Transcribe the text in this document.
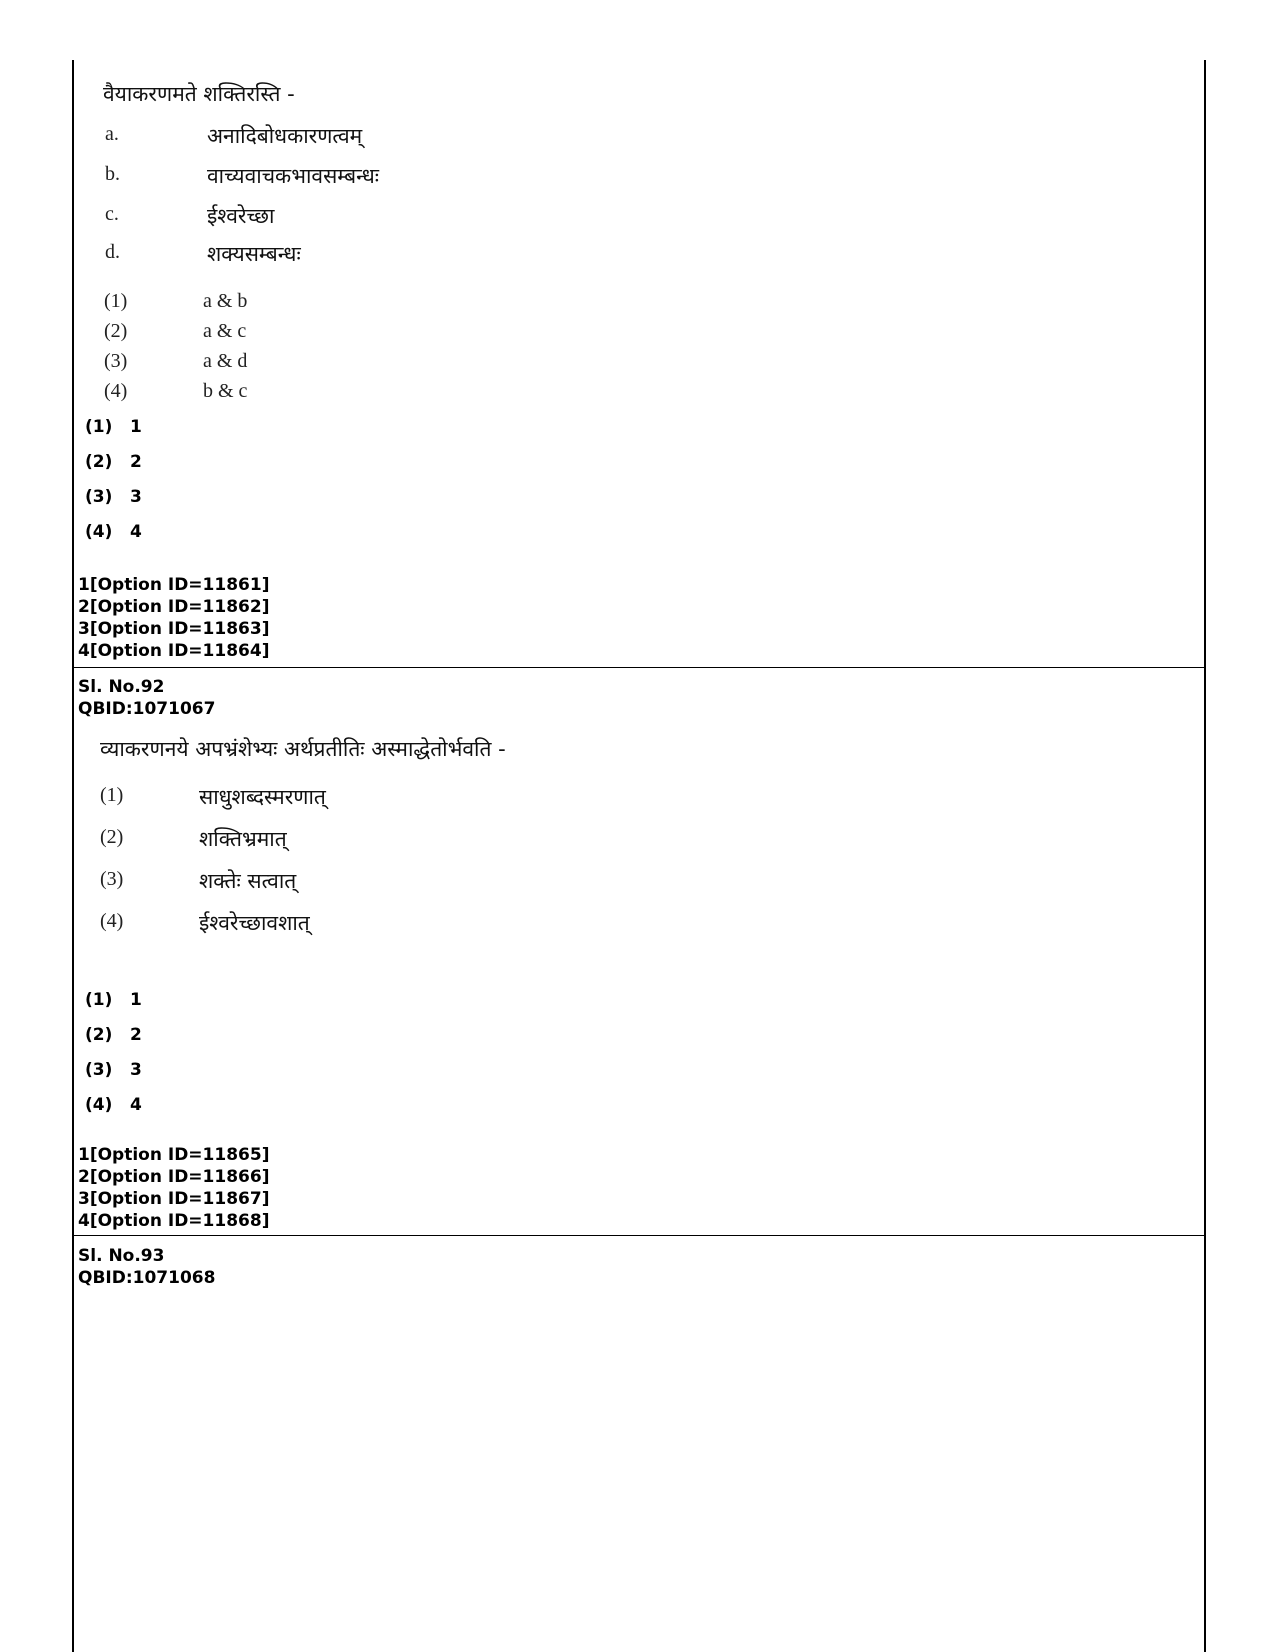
वैयाकरणमते शक्तिरस्ति -
a.	अनादिबोधकारणत्वम्
b.	वाच्यवाचकभावसम्बन्धः
c.	ईश्वरेच्छा
d.	शक्यसम्बन्धः
(1)	a & b
(2)	a & c
(3)	a & d
(4)	b & c
(1) 1
(2) 2
(3) 3
(4) 4
1[Option ID=11861]
2[Option ID=11862]
3[Option ID=11863]
4[Option ID=11864]
Sl. No.92
QBID:1071067
व्याकरणनये अपभ्रंशेभ्यः अर्थप्रतीतिः अस्माद्धेतोर्भवति -
(1)	साधुशब्दस्मरणात्
(2)	शक्तिभ्रमात्
(3)	शक्तेः सत्वात्
(4)	ईश्वरेच्छावशात्
(1) 1
(2) 2
(3) 3
(4) 4
1[Option ID=11865]
2[Option ID=11866]
3[Option ID=11867]
4[Option ID=11868]
Sl. No.93
QBID:1071068
